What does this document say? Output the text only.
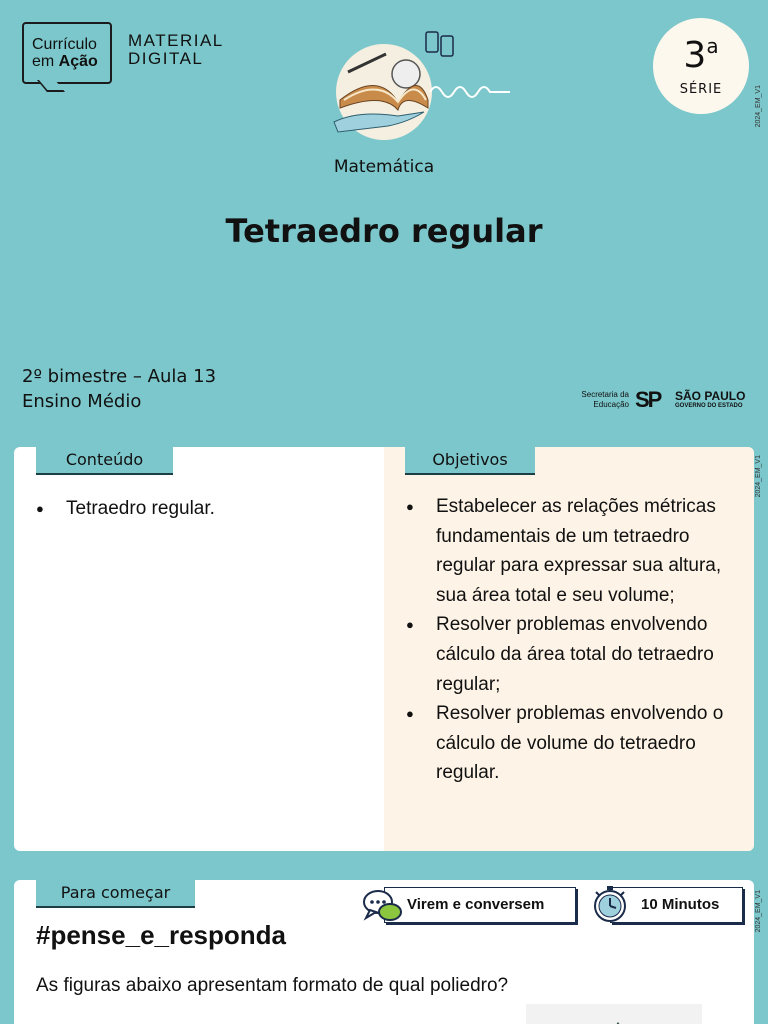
Currículo
em Ação
MATERIAL
DIGITAL	3$^a$
SÉRIE	2024_EM_V1
Matemática
Tetraedro regular
2º bimestre – Aula 13
Ensino Médio	Secretaria da
Educação SP SÃO PAULO
GOVERNO DO ESTADO
Conteúdo
● Tetraedro regular.
Objetivos
● Estabelecer as relações métricas fundamentais de um tetraedro regular para expressar sua altura, sua área total e seu volume;
● Resolver problemas envolvendo cálculo da área total do tetraedro regular;
● Resolver problemas envolvendo o cálculo de volume do tetraedro regular.
2024_EM_V1
Para começar
Virem e conversem	10 Minutos
#pense_e_responda
As figuras abaixo apresentam formato de qual poliedro?
2024_EM_V1
